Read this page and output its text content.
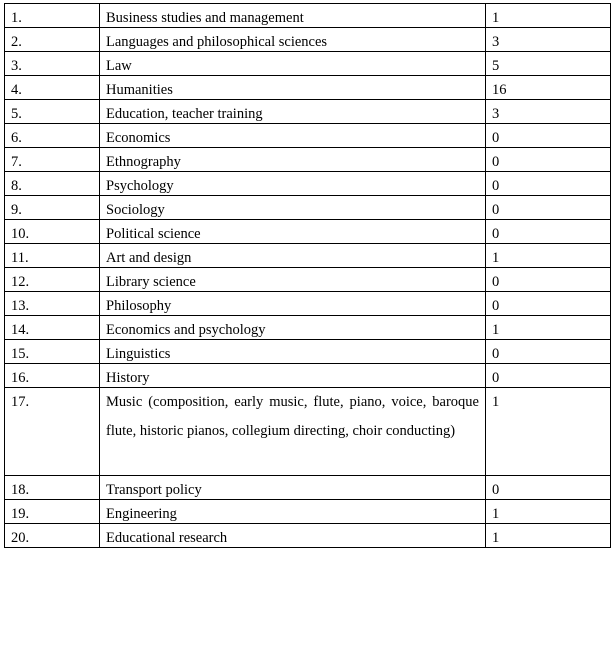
1.	Business studies and management	1
2.	Languages and philosophical sciences	3
3.	Law	5
4.	Humanities	16
5.	Education, teacher training	3
6.	Economics	0
7.	Ethnography	0
8.	Psychology	0
9.	Sociology	0
10.	Political science	0
11.	Art and design	1
12.	Library science	0
13.	Philosophy	0
14.	Economics and psychology	1
15.	Linguistics	0
16.	History	0
17.	Music (composition, early music, flute, piano, voice, baroque flute, historic pianos, collegium directing, choir conducting)	1
18.	Transport policy	0
19.	Engineering	1
20.	Educational research	1
